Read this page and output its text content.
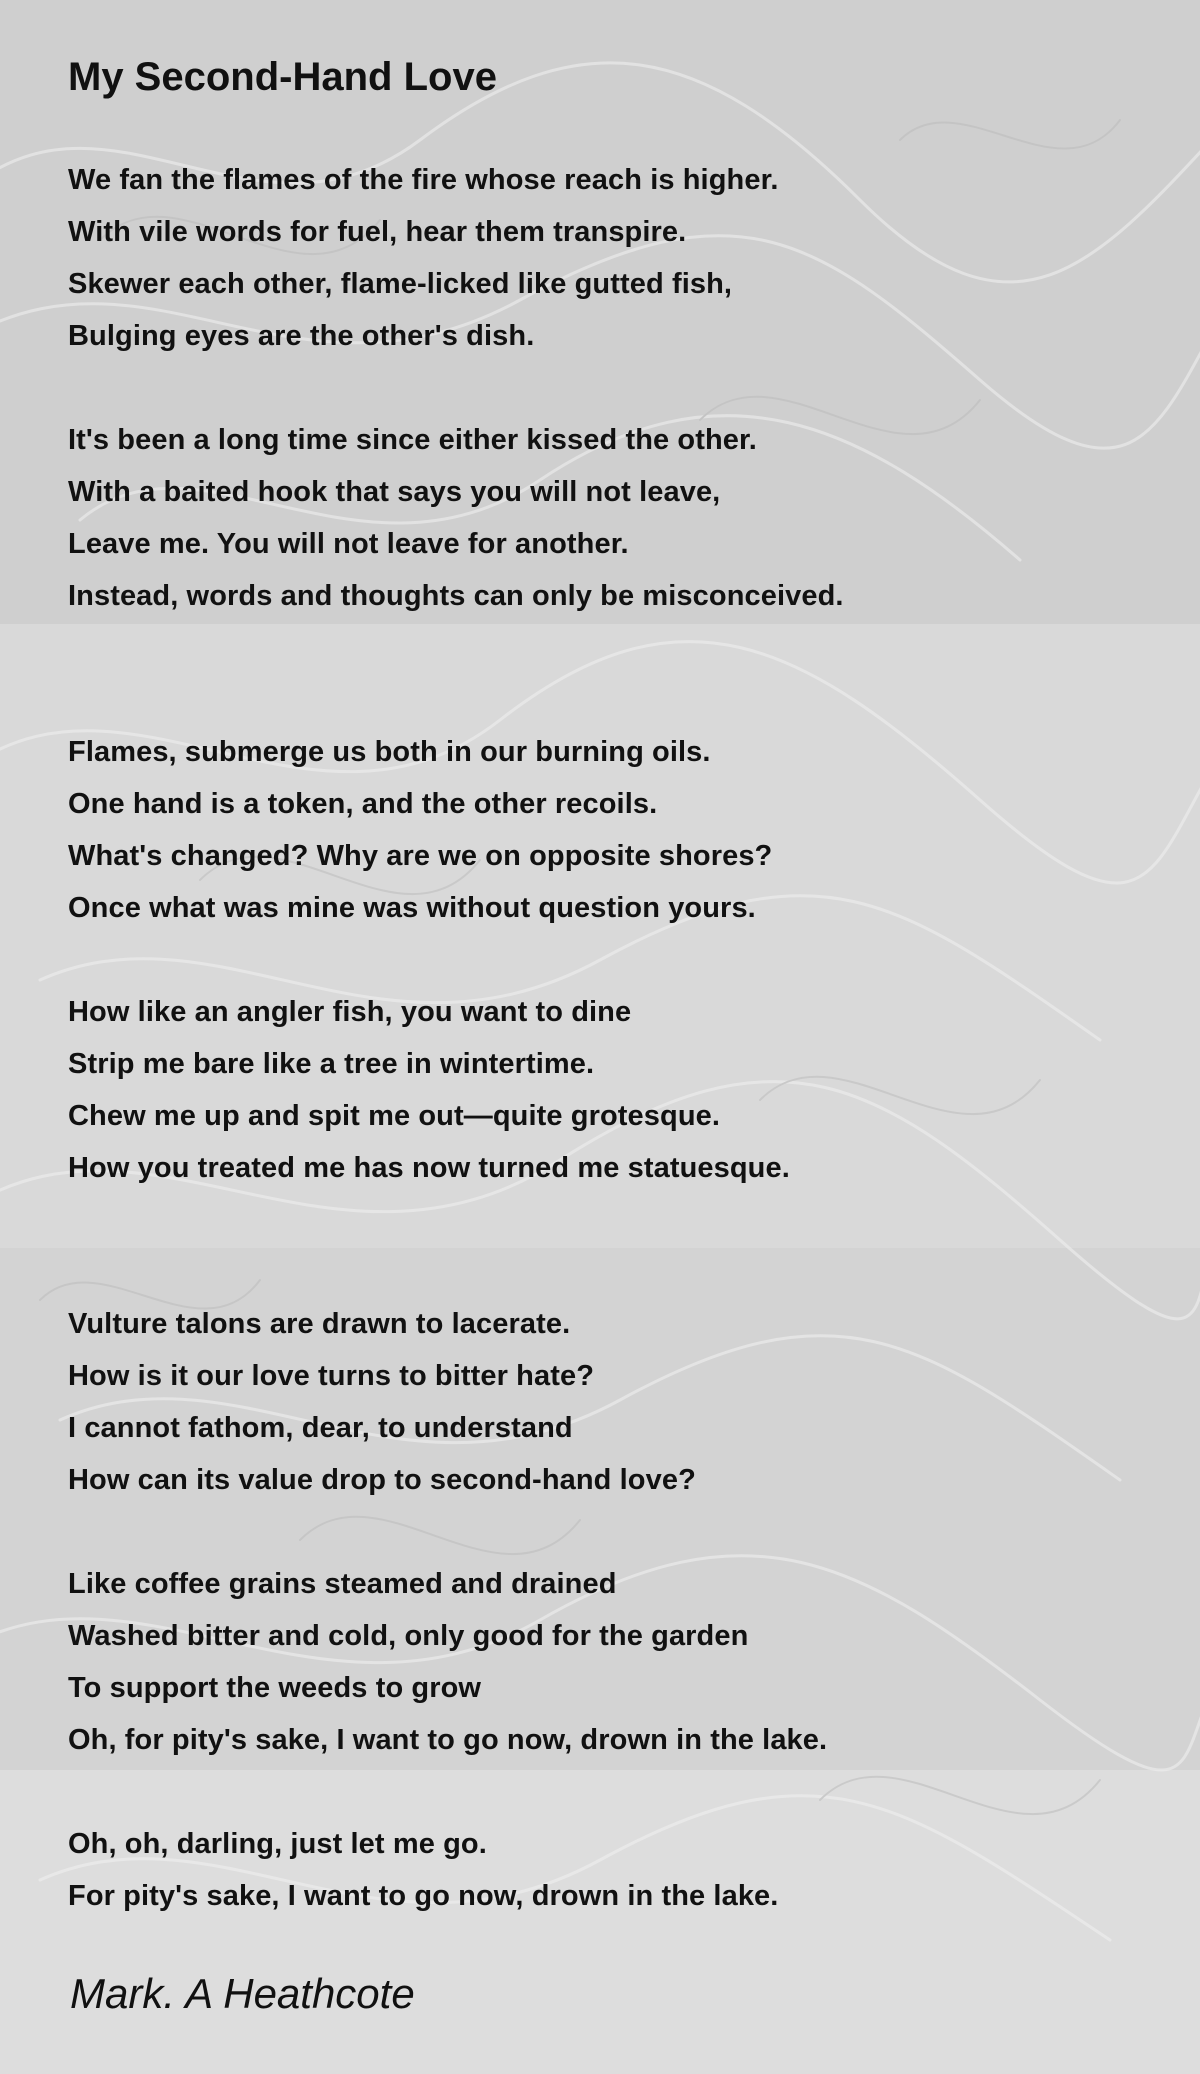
My Second-Hand Love
We fan the flames of the fire whose reach is higher.
With vile words for fuel, hear them transpire.
Skewer each other, flame-licked like gutted fish,
Bulging eyes are the other's dish.
It's been a long time since either kissed the other.
With a baited hook that says you will not leave,
Leave me. You will not leave for another.
Instead, words and thoughts can only be misconceived.
Flames, submerge us both in our burning oils.
One hand is a token, and the other recoils.
What's changed? Why are we on opposite shores?
Once what was mine was without question yours.
How like an angler fish, you want to dine
Strip me bare like a tree in wintertime.
Chew me up and spit me out—quite grotesque.
How you treated me has now turned me statuesque.
Vulture talons are drawn to lacerate.
How is it our love turns to bitter hate?
I cannot fathom, dear, to understand
How can its value drop to second-hand love?
Like coffee grains steamed and drained
Washed bitter and cold, only good for the garden
To support the weeds to grow
Oh, for pity's sake, I want to go now, drown in the lake.
Oh, oh, darling, just let me go.
For pity's sake, I want to go now, drown in the lake.
Mark. A Heathcote
